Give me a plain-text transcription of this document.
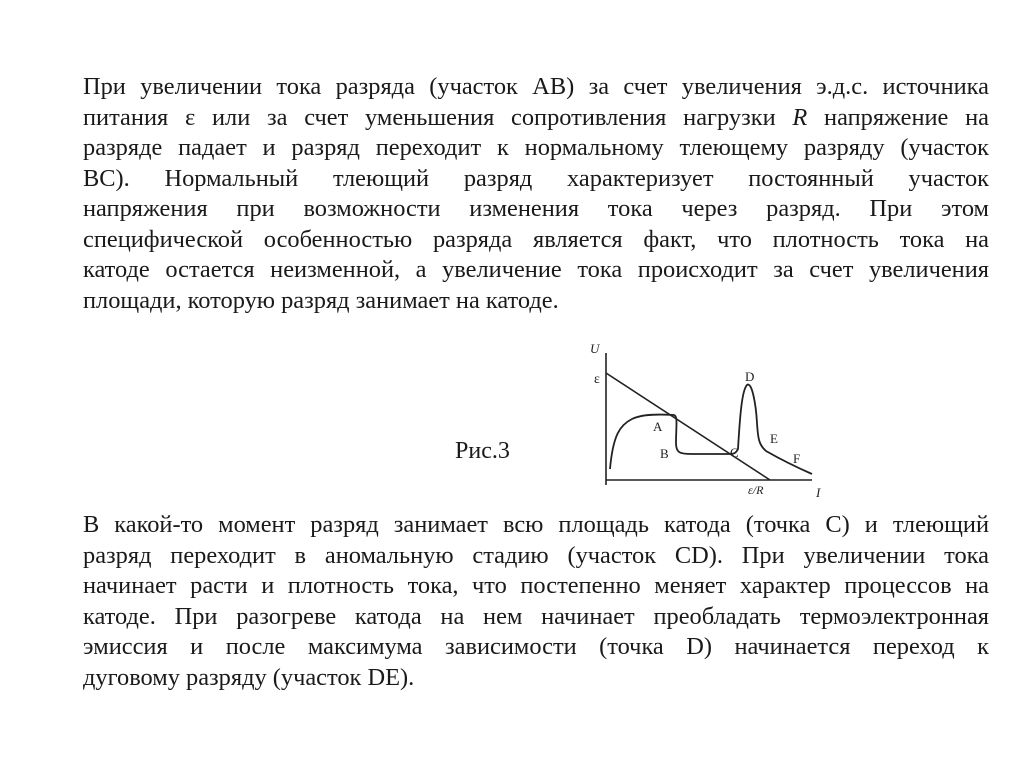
При увеличении тока разряда (участок АВ) за счет увеличения э.д.с. источника
питания ε или за счет уменьшения сопротивления нагрузки R напряжение на
разряде падает и разряд переходит к нормальному тлеющему разряду (участок
ВС). Нормальный тлеющий разряд характеризует постоянный участок
напряжения при возможности изменения тока через разряд. При этом
специфической особенностью разряда является факт, что плотность тока на
катоде остается неизменной, а увеличение тока происходит за счет увеличения
площади, которую разряд занимает на катоде.

Рис.3
U
ε
I
ε/R
A
B	C
D
E
F

В какой-то момент разряд занимает всю площадь катода (точка С) и тлеющий
разряд переходит в аномальную стадию (участок CD). При увеличении тока
начинает расти и плотность тока, что постепенно меняет характер процессов на
катоде. При разогреве катода на нем начинает преобладать термоэлектронная
эмиссия и после максимума зависимости (точка D) начинается переход к
дуговому разряду (участок DE).
